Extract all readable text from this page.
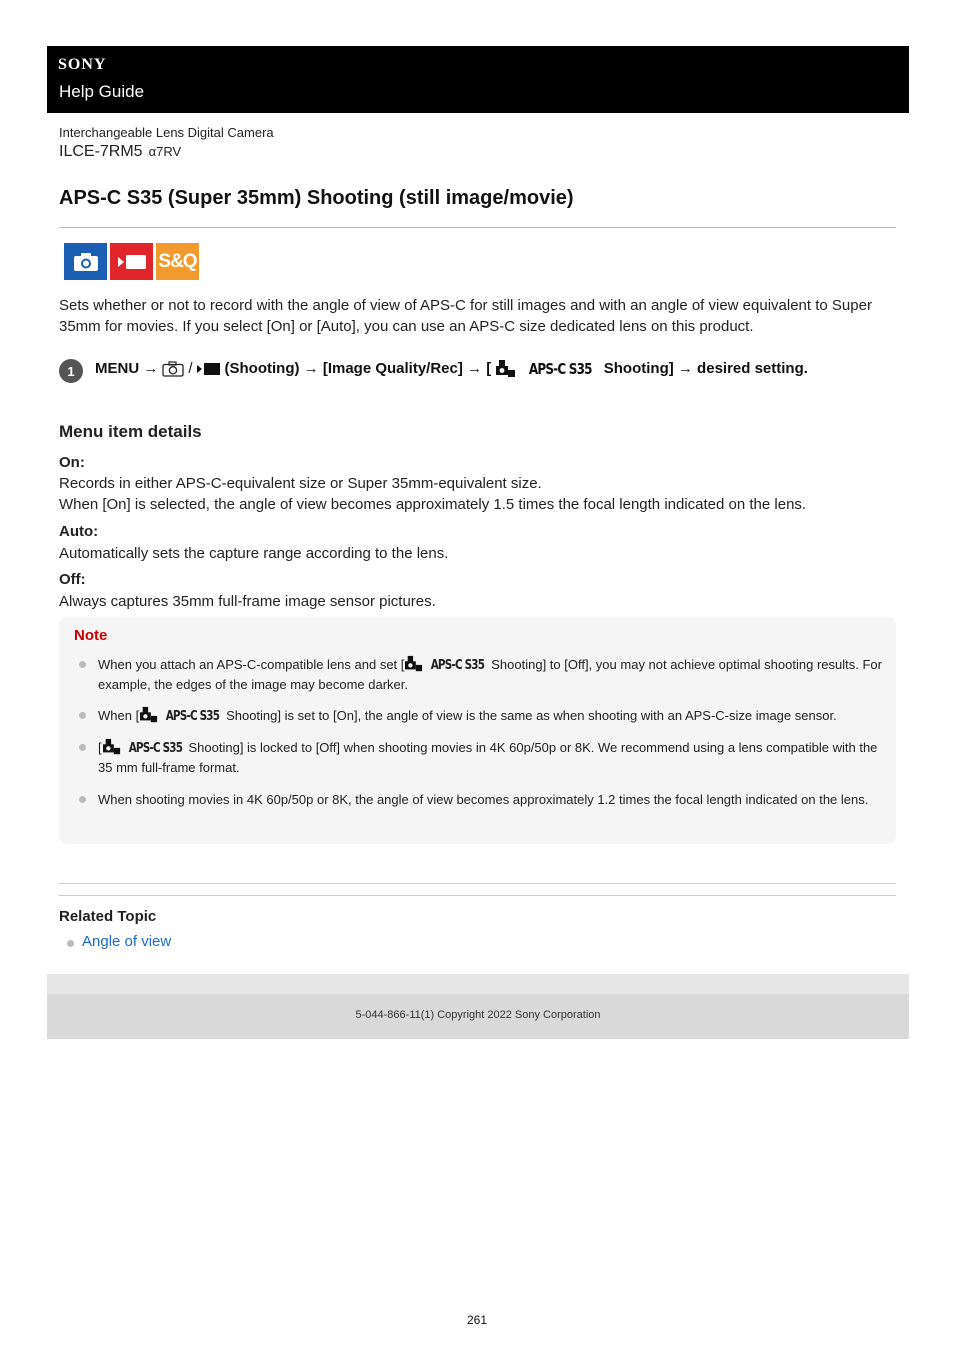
SONY
Help Guide
Interchangeable Lens Digital Camera
ILCE-7RM5 α7RV
APS-C S35 (Super 35mm) Shooting (still image/movie)
S&Q

Sets whether or not to record with the angle of view of APS-C for still images and with an angle of view equivalent to Super 35mm for movies. If you select [On] or [Auto], you can use an APS-C size dedicated lens on this product.

1	MENU → / (Shooting) → [Image Quality/Rec] → [	APS-C S35 Shooting] → desired setting.
Menu item details
On:
Records in either APS-C-equivalent size or Super 35mm-equivalent size.
When [On] is selected, the angle of view becomes approximately 1.5 times the focal length indicated on the lens.
Auto:
Automatically sets the capture range according to the lens.
Off:
Always captures 35mm full-frame image sensor pictures.
Note
When you attach an APS-C-compatible lens and set [ APS-C S35 Shooting] to [Off], you may not achieve optimal shooting results. For example, the edges of the image may become darker.
When [ APS-C S35 Shooting] is set to [On], the angle of view is the same as when shooting with an APS-C-size image sensor.
[ APS-C S35 Shooting] is locked to [Off] when shooting movies in 4K 60p/50p or 8K. We recommend using a lens compatible with the 35 mm full-frame format.
When shooting movies in 4K 60p/50p or 8K, the angle of view becomes approximately 1.2 times the focal length indicated on the lens.
Related Topic
Angle of view
5-044-866-11(1) Copyright 2022 Sony Corporation
261
